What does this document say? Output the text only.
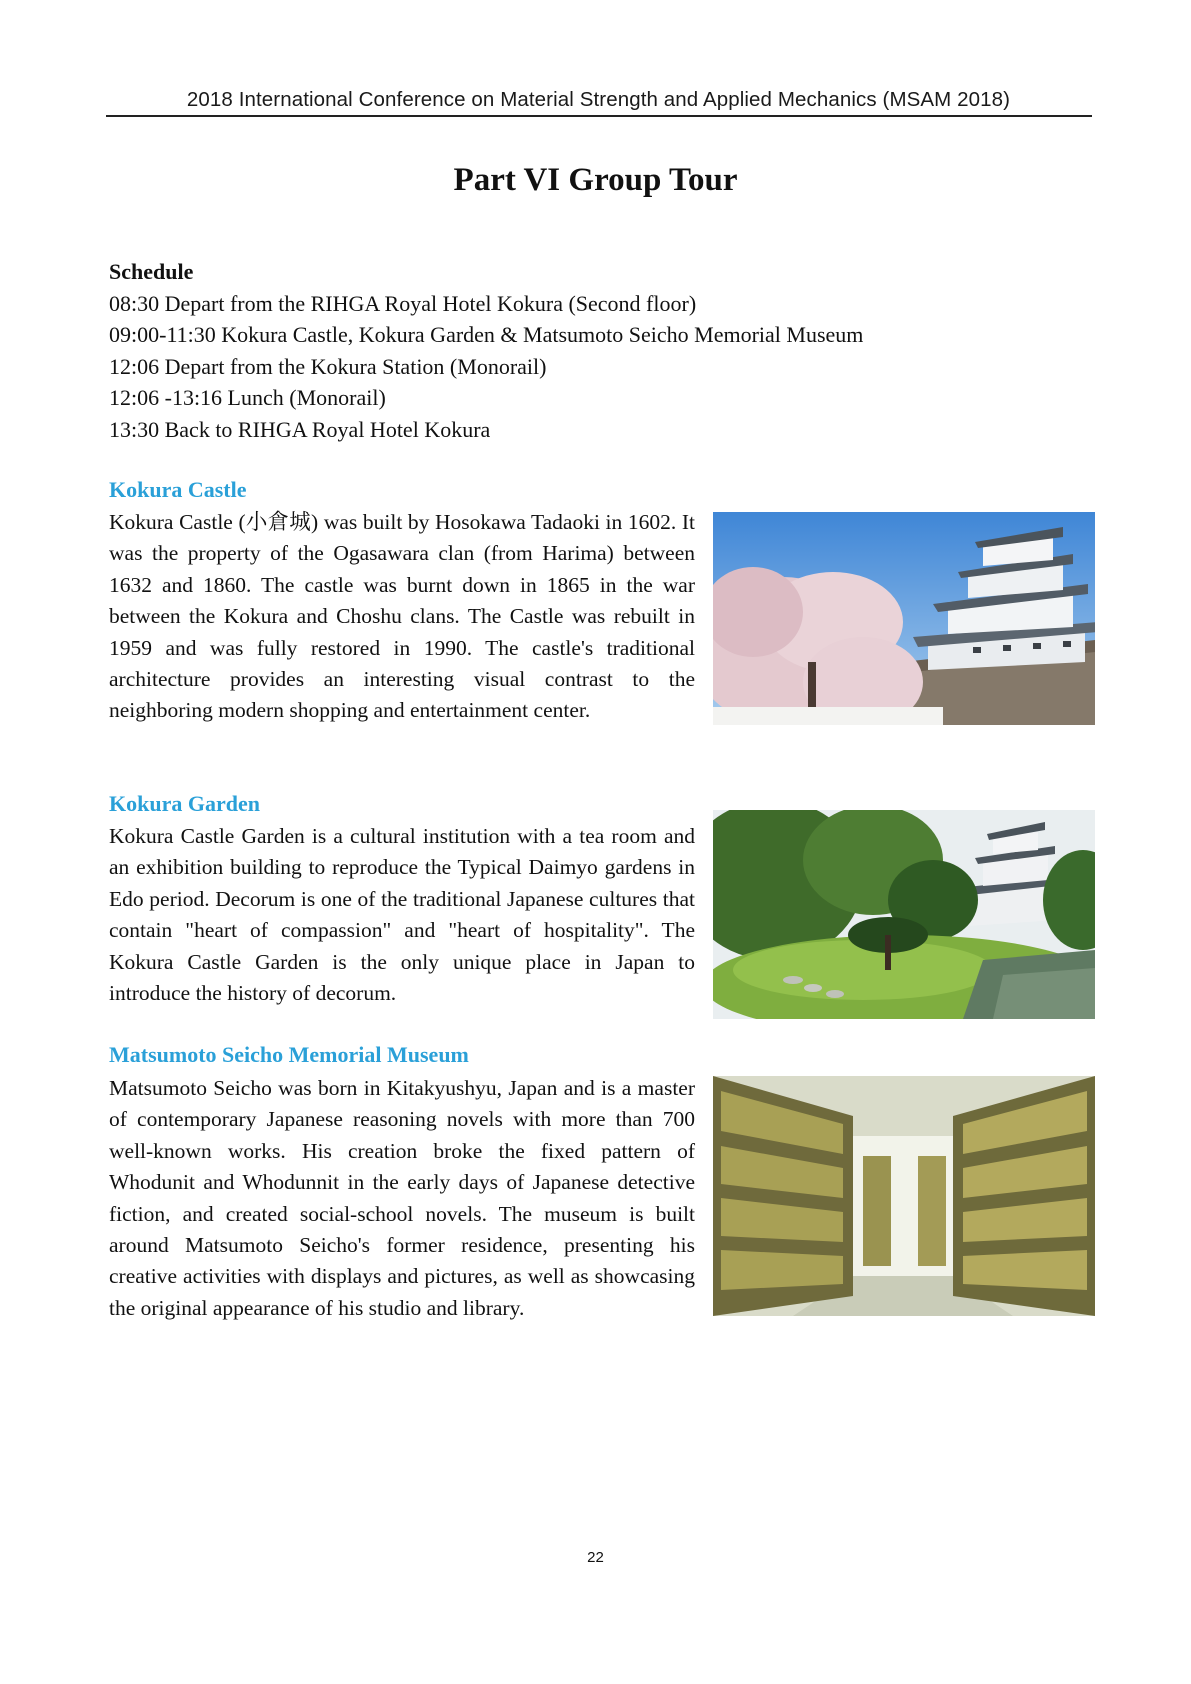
2018 International Conference on Material Strength and Applied Mechanics (MSAM 2018)
Part VI Group Tour
Schedule
08:30 Depart from the RIHGA Royal Hotel Kokura (Second floor)
09:00-11:30 Kokura Castle, Kokura Garden & Matsumoto Seicho Memorial Museum
12:06 Depart from the Kokura Station (Monorail)
12:06 -13:16 Lunch (Monorail)
13:30 Back to RIHGA Royal Hotel Kokura
Kokura Castle
Kokura Castle (小倉城) was built by Hosokawa Tadaoki in 1602. It was the property of the Ogasawara clan (from Harima) between 1632 and 1860. The castle was burnt down in 1865 in the war between the Kokura and Choshu clans. The Castle was rebuilt in 1959 and was fully restored in 1990. The castle's traditional architecture provides an interesting visual contrast to the neighboring modern shopping and entertainment center.
Kokura Garden
Kokura Castle Garden is a cultural institution with a tea room and an exhibition building to reproduce the Typical Daimyo gardens in Edo period. Decorum is one of the traditional Japanese cultures that contain "heart of compassion" and "heart of hospitality". The Kokura Castle Garden is the only unique place in Japan to introduce the history of decorum.
Matsumoto Seicho Memorial Museum
Matsumoto Seicho was born in Kitakyushyu, Japan and is a master of contemporary Japanese reasoning novels with more than 700 well-known works. His creation broke the fixed pattern of Whodunit and Whodunnit in the early days of Japanese detective fiction, and created social-school novels. The museum is built around Matsumoto Seicho's former residence, presenting his creative activities with displays and pictures, as well as showcasing the original appearance of his studio and library.
22
